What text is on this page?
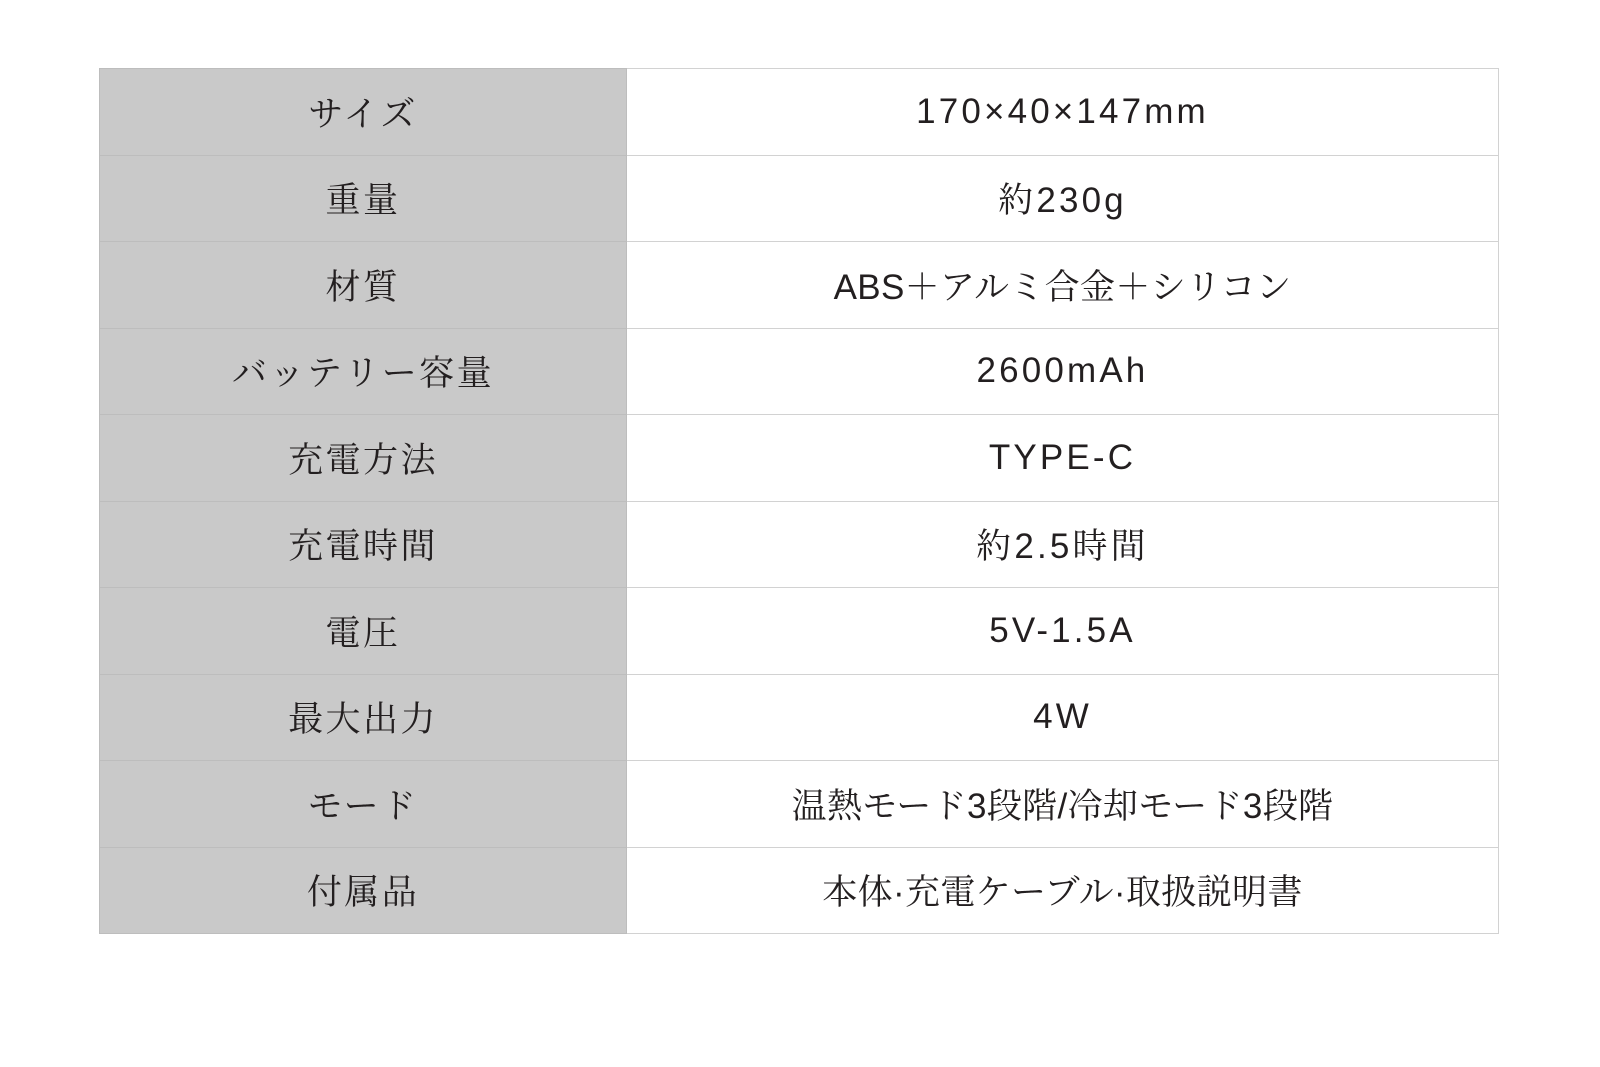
サイズ	170×40×147mm
重量	約230g
材質	ABS＋アルミ合金＋シリコン
バッテリー容量	2600mAh
充電方法	TYPE-C
充電時間	約2.5時間
電圧	5V-1.5A
最大出力	4W
モード	温熱モード3段階/冷却モード3段階
付属品	本体·充電ケーブル·取扱説明書
